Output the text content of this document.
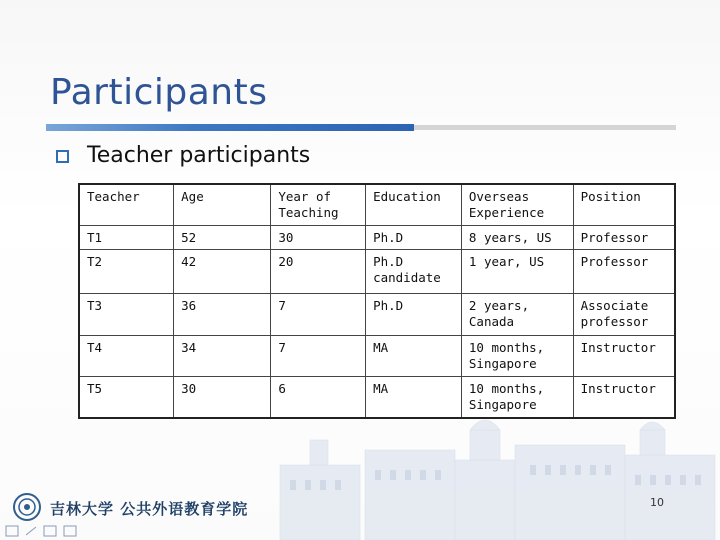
Participants
Teacher participants
Teacher	Age	Year of Teaching	Education	Overseas Experience	Position
T1	52	30	Ph.D	8 years, US	Professor
T2	42	20	Ph.D candidate	1 year, US	Professor
T3	36	7	Ph.D	2 years, Canada	Associate professor
T4	34	7	MA	10 months, Singapore	Instructor
T5	30	6	MA	10 months, Singapore	Instructor
吉林大学 公共外语教育学院	10
